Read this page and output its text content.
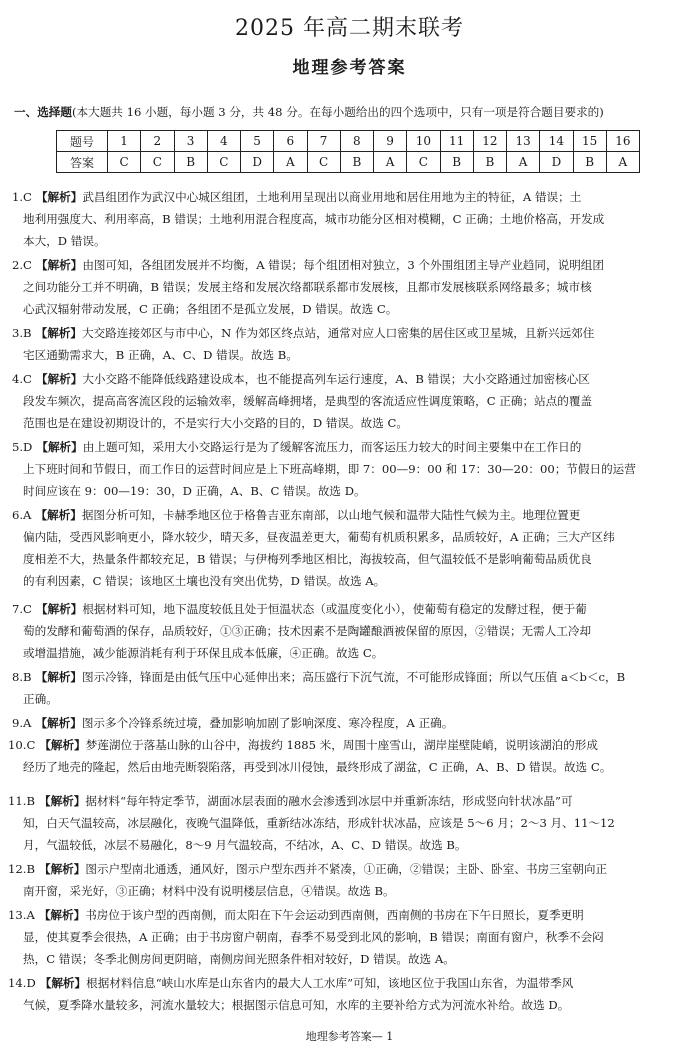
2025 年高二期末联考
地理参考答案
一、选择题(本大题共 16 小题，每小题 3 分，共 48 分。在每小题给出的四个选项中，只有一项是符合题目要求的)
题号	1	2	3	4	5	6	7	8	9	10	11	12	13	14	15	16
答案	C	C	B	C	D	A	C	B	A	C	B	B	A	D	B	A
1.C 【解析】武昌组团作为武汉中心城区组团，土地利用呈现出以商业用地和居住用地为主的特征，A 错误；土
地利用强度大、利用率高，B 错误；土地利用混合程度高，城市功能分区相对模糊，C 正确；土地价格高，开发成
本大，D 错误。
2.C 【解析】由图可知，各组团发展并不均衡，A 错误；每个组团相对独立，3 个外围组团主导产业趋同，说明组团
之间功能分工并不明确，B 错误；发展主络和发展次络都联系都市发展核，且都市发展核联系网络最多；城市核
心武汉辐射带动发展，C 正确；各组团不是孤立发展，D 错误。故选 C。
3.B 【解析】大交路连接郊区与市中心，N 作为郊区终点站，通常对应人口密集的居住区或卫星城，且新兴远郊住
宅区通勤需求大，B 正确，A、C、D 错误。故选 B。
4.C 【解析】大小交路不能降低线路建设成本，也不能提高列车运行速度，A、B 错误；大小交路通过加密核心区
段发车频次，提高高客流区段的运输效率，缓解高峰拥堵，是典型的客流适应性调度策略，C 正确；站点的覆盖
范围也是在建设初期设计的，不是实行大小交路的目的，D 错误。故选 C。
5.D 【解析】由上题可知，采用大小交路运行是为了缓解客流压力，而客运压力较大的时间主要集中在工作日的
上下班时间和节假日，而工作日的运营时间应是上下班高峰期，即 7：00—9：00 和 17：30—20：00；节假日的运营
时间应该在 9：00—19：30，D 正确，A、B、C 错误。故选 D。
6.A 【解析】据图分析可知，卡赫季地区位于格鲁吉亚东南部，以山地气候和温带大陆性气候为主。地理位置更
偏内陆，受西风影响更小，降水较少，晴天多，昼夜温差更大，葡萄有机质积累多，品质较好，A 正确；三大产区纬
度相差不大，热量条件都较充足，B 错误；与伊梅列季地区相比，海拔较高，但气温较低不是影响葡萄品质优良
的有利因素，C 错误；该地区土壤也没有突出优势，D 错误。故选 A。
7.C 【解析】根据材料可知，地下温度较低且处于恒温状态（或温度变化小），使葡萄有稳定的发酵过程，便于葡
萄的发酵和葡萄酒的保存，品质较好，①③正确；技术因素不是陶罐酿酒被保留的原因，②错误；无需人工冷却
或增温措施，减少能源消耗有利于环保且成本低廉，④正确。故选 C。
8.B 【解析】图示冷锋，锋面是由低气压中心延伸出来；高压盛行下沉气流，不可能形成锋面；所以气压值 a＜b＜c，B
正确。
9.A 【解析】图示多个冷锋系统过境，叠加影响加剧了影响深度、寒冷程度，A 正确。
10.C 【解析】梦莲湖位于落基山脉的山谷中，海拔约 1885 米，周围十座雪山，湖岸崖壁陡峭，说明该湖泊的形成
经历了地壳的隆起，然后由地壳断裂陷落，再受到冰川侵蚀，最终形成了湖盆，C 正确，A、B、D 错误。故选 C。
11.B 【解析】据材料“每年特定季节，湖面冰层表面的融水会渗透到冰层中并重新冻结，形成竖向针状冰晶”可
知，白天气温较高，冰层融化，夜晚气温降低，重新结冰冻结，形成针状冰晶，应该是 5～6 月；2～3 月、11～12
月，气温较低，冰层不易融化，8～9 月气温较高，不结冰，A、C、D 错误。故选 B。
12.B 【解析】图示户型南北通透，通风好，图示户型东西并不紧凑，①正确，②错误；主卧、卧室、书房三室朝向正
南开窗，采光好，③正确；材料中没有说明楼层信息，④错误。故选 B。
13.A 【解析】书房位于该户型的西南侧，而太阳在下午会运动到西南侧，西南侧的书房在下午日照长，夏季更明
显，使其夏季会很热，A 正确；由于书房窗户朝南，春季不易受到北风的影响，B 错误；南面有窗户，秋季不会闷
热，C 错误；冬季北侧房间更阴暗，南侧房间光照条件相对较好，D 错误。故选 A。
14.D 【解析】根据材料信息“峡山水库是山东省内的最大人工水库”可知，该地区位于我国山东省，为温带季风
气候，夏季降水量较多，河流水量较大；根据图示信息可知，水库的主要补给方式为河流水补给。故选 D。
地理参考答案— 1
